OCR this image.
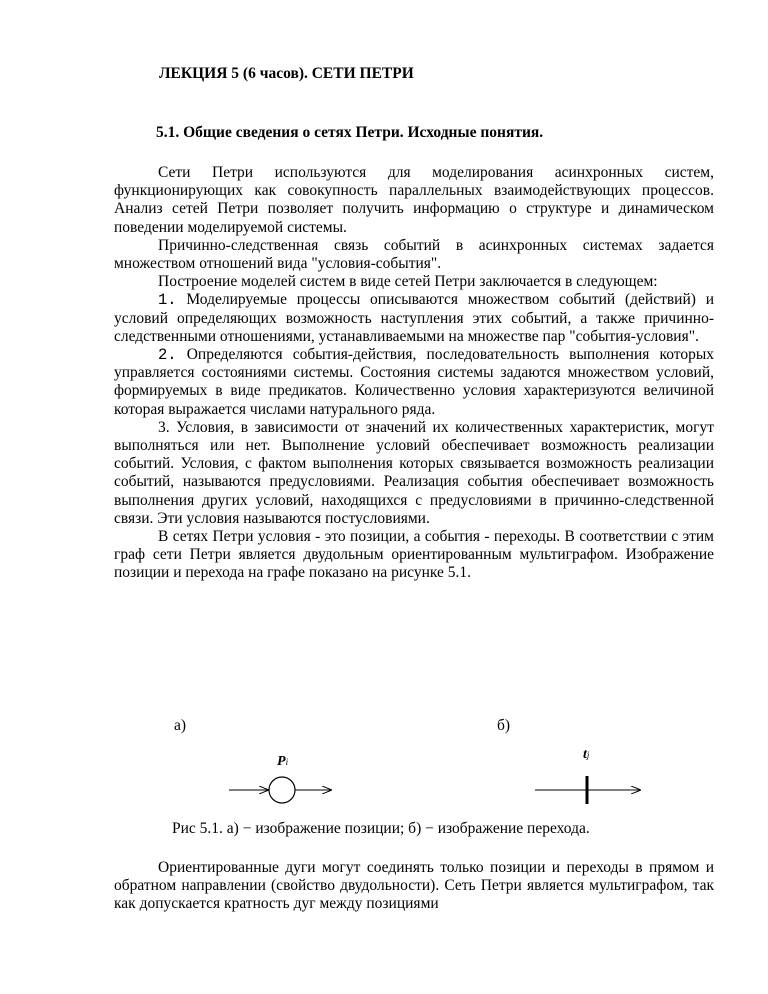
ЛЕКЦИЯ 5 (6 часов). СЕТИ ПЕТРИ
5.1. Общие сведения о сетях Петри. Исходные понятия.

Сети Петри используются для моделирования асинхронных систем, функционирующих как совокупность параллельных взаимодействующих процессов. Анализ сетей Петри позволяет получить информацию о структуре и динамическом поведении моделируемой системы.

Причинно-следственная связь событий в асинхронных системах задается множеством отношений вида "условия-события".

Построение моделей систем в виде сетей Петри заключается в следующем:

1. Моделируемые процессы описываются множеством событий (действий) и условий определяющих возможность наступления этих событий, а также причинно-следственными отношениями, устанавливаемыми на множестве пар "события-условия".

2. Определяются события-действия, последовательность выполнения которых управляется состояниями системы. Состояния системы задаются множеством условий, формируемых в виде предикатов. Количественно условия характеризуются величиной которая выражается числами натурального ряда.

3. Условия, в зависимости от значений их количественных характеристик, могут выполняться или нет. Выполнение условий обеспечивает возможность реализации событий. Условия, с фактом выполнения которых связывается возможность реализации событий, называются предусловиями. Реализация события обеспечивает возможность выполнения других условий, находящихся с предусловиями в причинно-следственной связи. Эти условия называются постусловиями.

В сетях Петри условия - это позиции, а события - переходы. В соответствии с этим граф сети Петри является двудольным ориентированным мультиграфом. Изображение позиции и перехода на графе показано на рисунке 5.1.

а)	б)
Pi	tj
Рис 5.1. а) − изображение позиции; б) − изображение перехода.

Ориентированные дуги могут соединять только позиции и переходы в прямом и обратном направлении (свойство двудольности). Сеть Петри является мультиграфом, так как допускается кратность дуг между позициями
